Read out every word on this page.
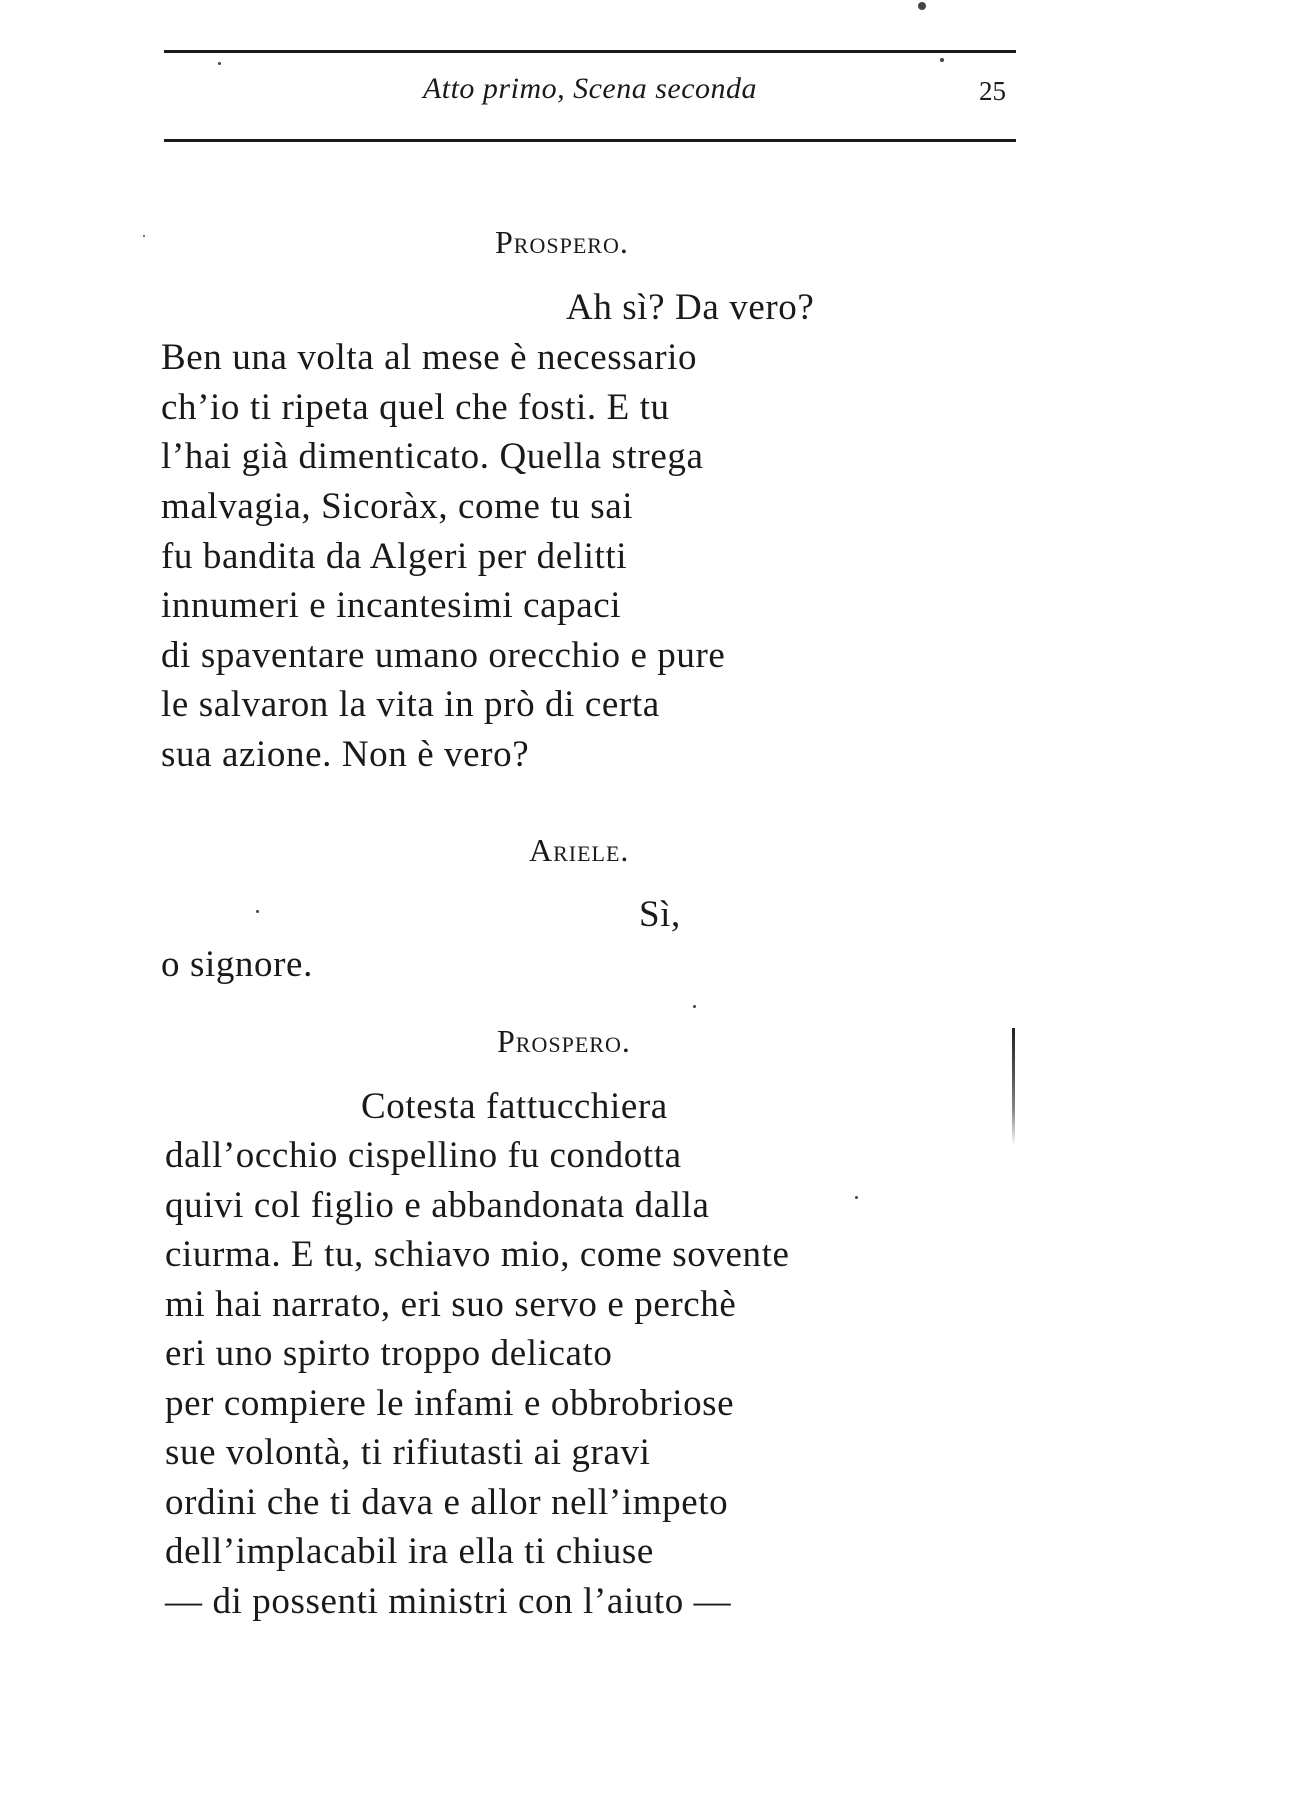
Atto primo, Scena seconda	25
Prospero.
Ah sì? Da vero?
Ben una volta al mese è necessario
ch’io ti ripeta quel che fosti. E tu
l’hai già dimenticato. Quella strega
malvagia, Sicoràx, come tu sai
fu bandita da Algeri per delitti
innumeri e incantesimi capaci
di spaventare umano orecchio e pure
le salvaron la vita in prò di certa
sua azione. Non è vero?
Ariele.
Sì,
o signore.
Prospero.
Cotesta fattucchiera
dall’occhio cispellino fu condotta
quivi col figlio e abbandonata dalla
ciurma. E tu, schiavo mio, come sovente
mi hai narrato, eri suo servo e perchè
eri uno spirto troppo delicato
per compiere le infami e obbrobriose
sue volontà, ti rifiutasti ai gravi
ordini che ti dava e allor nell’impeto
dell’implacabil ira ella ti chiuse
— di possenti ministri con l’aiuto —
